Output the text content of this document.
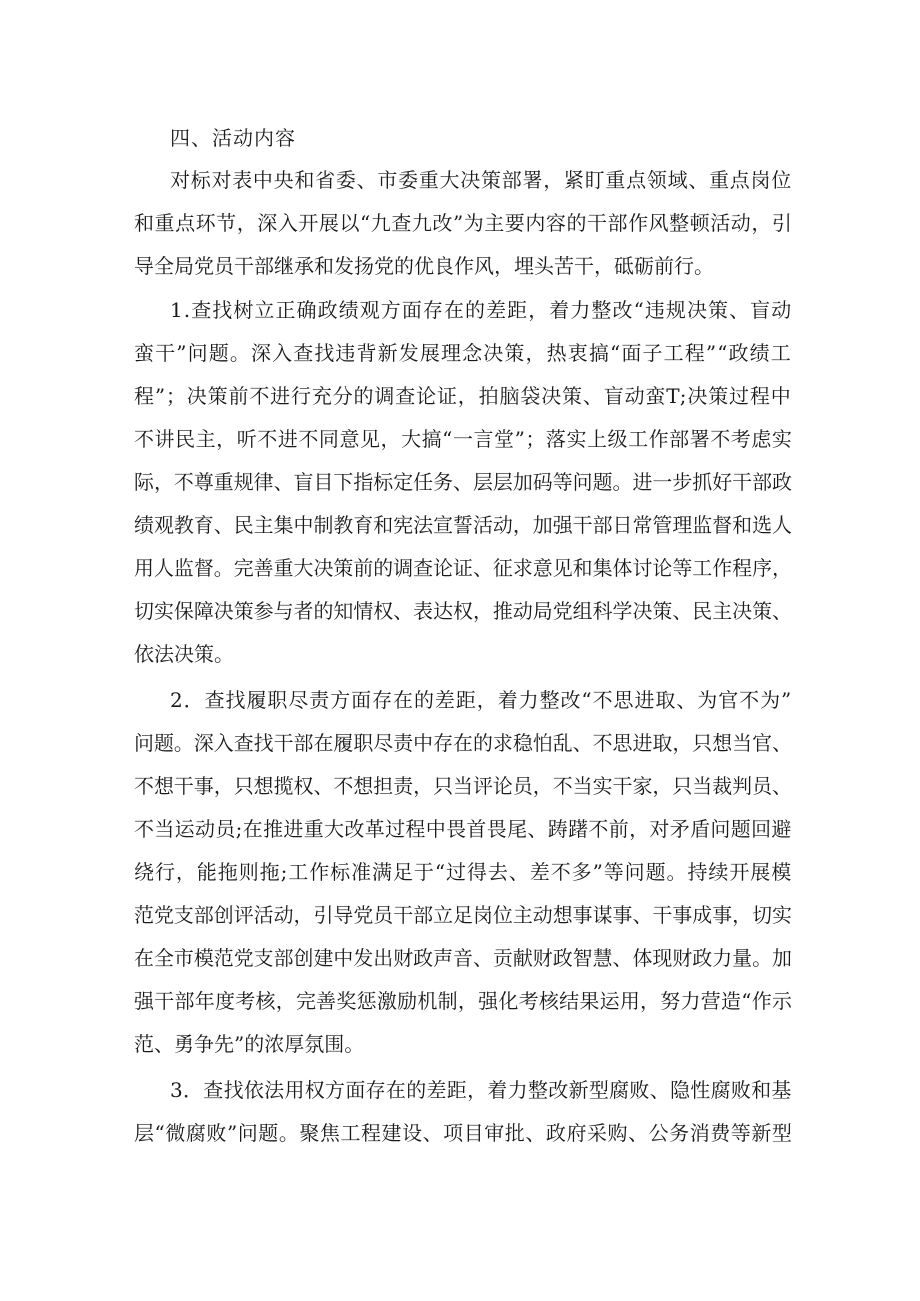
四、活动内容

对标对表中央和省委、市委重大决策部署，紧盯重点领域、重点岗位

和重点环节，深入开展以“九查九改”为主要内容的干部作风整顿活动，引

导全局党员干部继承和发扬党的优良作风，埋头苦干，砥砺前行。

1.查找树立正确政绩观方面存在的差距，着力整改“违规决策、盲动

蛮干”问题。深入查找违背新发展理念决策，热衷搞“面子工程”“政绩工

程”；决策前不进行充分的调查论证，拍脑袋决策、盲动蛮T;决策过程中

不讲民主，听不进不同意见，大搞“一言堂”；落实上级工作部署不考虑实

际，不尊重规律、盲目下指标定任务、层层加码等问题。进一步抓好干部政

绩观教育、民主集中制教育和宪法宣誓活动，加强干部日常管理监督和选人

用人监督。完善重大决策前的调查论证、征求意见和集体讨论等工作程序，

切实保障决策参与者的知情权、表达权，推动局党组科学决策、民主决策、

依法决策。

2．查找履职尽责方面存在的差距，着力整改“不思进取、为官不为”

问题。深入查找干部在履职尽责中存在的求稳怕乱、不思进取，只想当官、

不想干事，只想揽权、不想担责，只当评论员，不当实干家，只当裁判员、

不当运动员;在推进重大改革过程中畏首畏尾、踌躇不前，对矛盾问题回避

绕行，能拖则拖;工作标准满足于“过得去、差不多”等问题。持续开展模

范党支部创评活动，引导党员干部立足岗位主动想事谋事、干事成事，切实

在全市模范党支部创建中发出财政声音、贡献财政智慧、体现财政力量。加

强干部年度考核，完善奖惩激励机制，强化考核结果运用，努力营造“作示

范、勇争先”的浓厚氛围。

3．查找依法用权方面存在的差距，着力整改新型腐败、隐性腐败和基

层“微腐败”问题。聚焦工程建设、项目审批、政府采购、公务消费等新型
